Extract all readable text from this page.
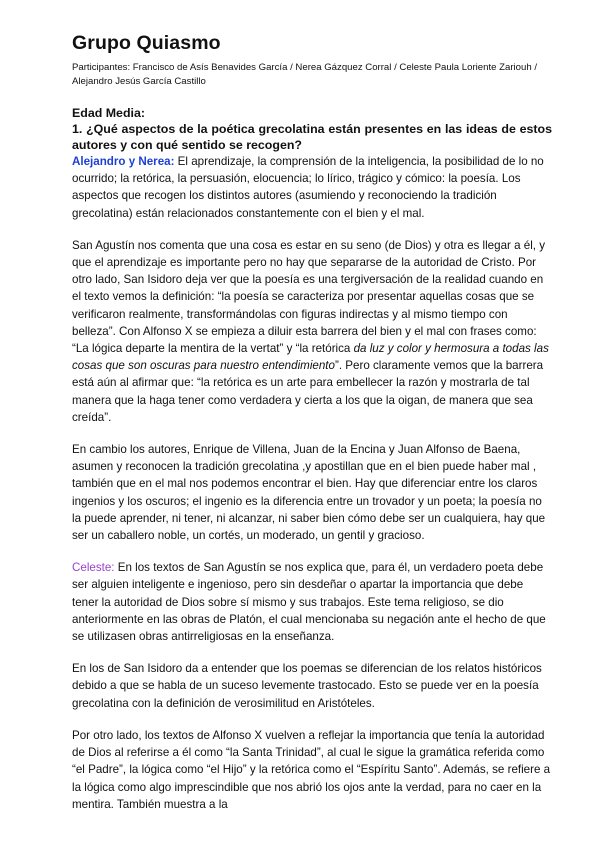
Grupo Quiasmo
Participantes: Francisco de Asís Benavides García / Nerea Gázquez Corral / Celeste Paula Loriente Zariouh / Alejandro Jesús García Castillo
Edad Media:
1. ¿Qué aspectos de la poética grecolatina están presentes en las ideas de estos autores y con qué sentido se recogen?

Alejandro y Nerea: El aprendizaje, la comprensión de la inteligencia, la posibilidad de lo no ocurrido; la retórica, la persuasión, elocuencia; lo lírico, trágico y cómico: la poesía. Los aspectos que recogen los distintos autores (asumiendo y reconociendo la tradición grecolatina) están relacionados constantemente con el bien y el mal.

San Agustín nos comenta que una cosa es estar en su seno (de Dios) y otra es llegar a él, y que el aprendizaje es importante pero no hay que separarse de la autoridad de Cristo. Por otro lado, San Isidoro deja ver que la poesía es una tergiversación de la realidad cuando en el texto vemos la definición: “la poesía se caracteriza por presentar aquellas cosas que se verificaron realmente, transformándolas con figuras indirectas y al mismo tiempo con belleza”. Con Alfonso X se empieza a diluir esta barrera del bien y el mal con frases como: “La lógica departe la mentira de la vertat” y “la retórica da luz y color y hermosura a todas las cosas que son oscuras para nuestro entendimiento”. Pero claramente vemos que la barrera está aún al afirmar que: “la retórica es un arte para embellecer la razón y mostrarla de tal manera que la haga tener como verdadera y cierta a los que la oigan, de manera que sea creída”.

En cambio los autores, Enrique de Villena, Juan de la Encina y Juan Alfonso de Baena, asumen y reconocen la tradición grecolatina ,y apostillan que en el bien puede haber mal , también que en el mal nos podemos encontrar el bien. Hay que diferenciar entre los claros ingenios y los oscuros; el ingenio es la diferencia entre un trovador y un poeta; la poesía no la puede aprender, ni tener, ni alcanzar, ni saber bien cómo debe ser un cualquiera, hay que ser un caballero noble, un cortés, un moderado, un gentil y gracioso.

Celeste: En los textos de San Agustín se nos explica que, para él, un verdadero poeta debe ser alguien inteligente e ingenioso, pero sin desdeñar o apartar la importancia que debe tener la autoridad de Dios sobre sí mismo y sus trabajos. Este tema religioso, se dio anteriormente en las obras de Platón, el cual mencionaba su negación ante el hecho de que se utilizasen obras antirreligiosas en la enseñanza.

En los de San Isidoro da a entender que los poemas se diferencian de los relatos históricos debido a que se habla de un suceso levemente trastocado. Esto se puede ver en la poesía grecolatina con la definición de verosimilitud en Aristóteles.

Por otro lado, los textos de Alfonso X vuelven a reflejar la importancia que tenía la autoridad de Dios al referirse a él como “la Santa Trinidad”, al cual le sigue la gramática referida como “el Padre”, la lógica como “el Hijo” y la retórica como el “Espíritu Santo”. Además, se refiere a la lógica como algo imprescindible que nos abrió los ojos ante la verdad, para no caer en la mentira. También muestra a la
